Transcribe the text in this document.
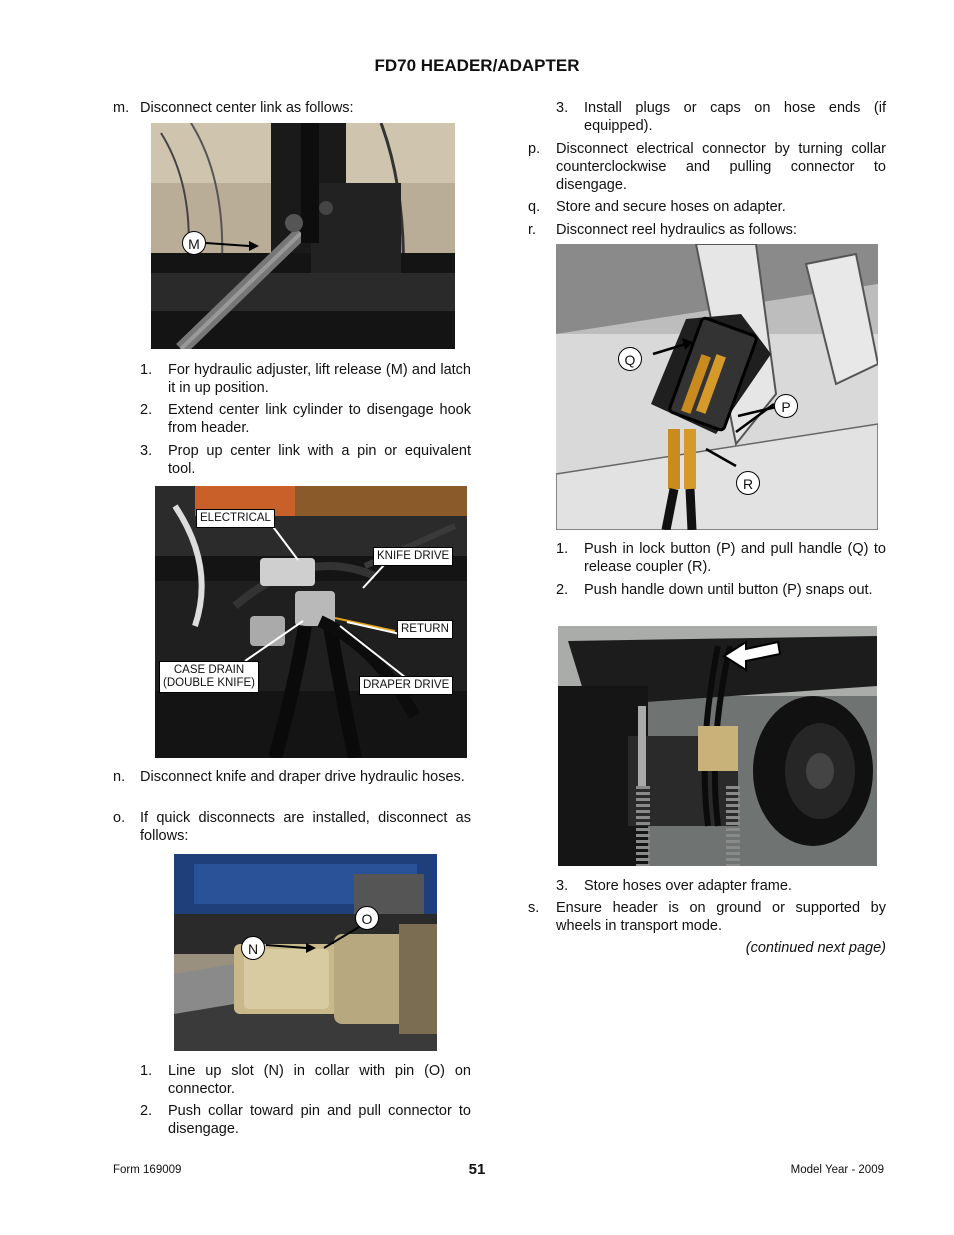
FD70 HEADER/ADAPTER
m. Disconnect center link as follows:
M
1. For hydraulic adjuster, lift release (M) and latch it in up position.
2. Extend center link cylinder to disengage hook from header.
3. Prop up center link with a pin or equivalent tool.
ELECTRICAL
KNIFE DRIVE
RETURN
CASE DRAIN
(DOUBLE KNIFE)	DRAPER DRIVE
n. Disconnect knife and draper drive hydraulic hoses.
o. If quick disconnects are installed, disconnect as follows:
O
N
1. Line up slot (N) in collar with pin (O) on connector.
2. Push collar toward pin and pull connector to disengage.
3. Install plugs or caps on hose ends (if equipped).
p. Disconnect electrical connector by turning collar counterclockwise and pulling connector to disengage.
q. Store and secure hoses on adapter.
r. Disconnect reel hydraulics as follows:
Q
P
R
1. Push in lock button (P) and pull handle (Q) to release coupler (R).
2. Push handle down until button (P) snaps out.
3. Store hoses over adapter frame.
s. Ensure header is on ground or supported by wheels in transport mode.
(continued next page)
Form 169009	51	Model Year - 2009
